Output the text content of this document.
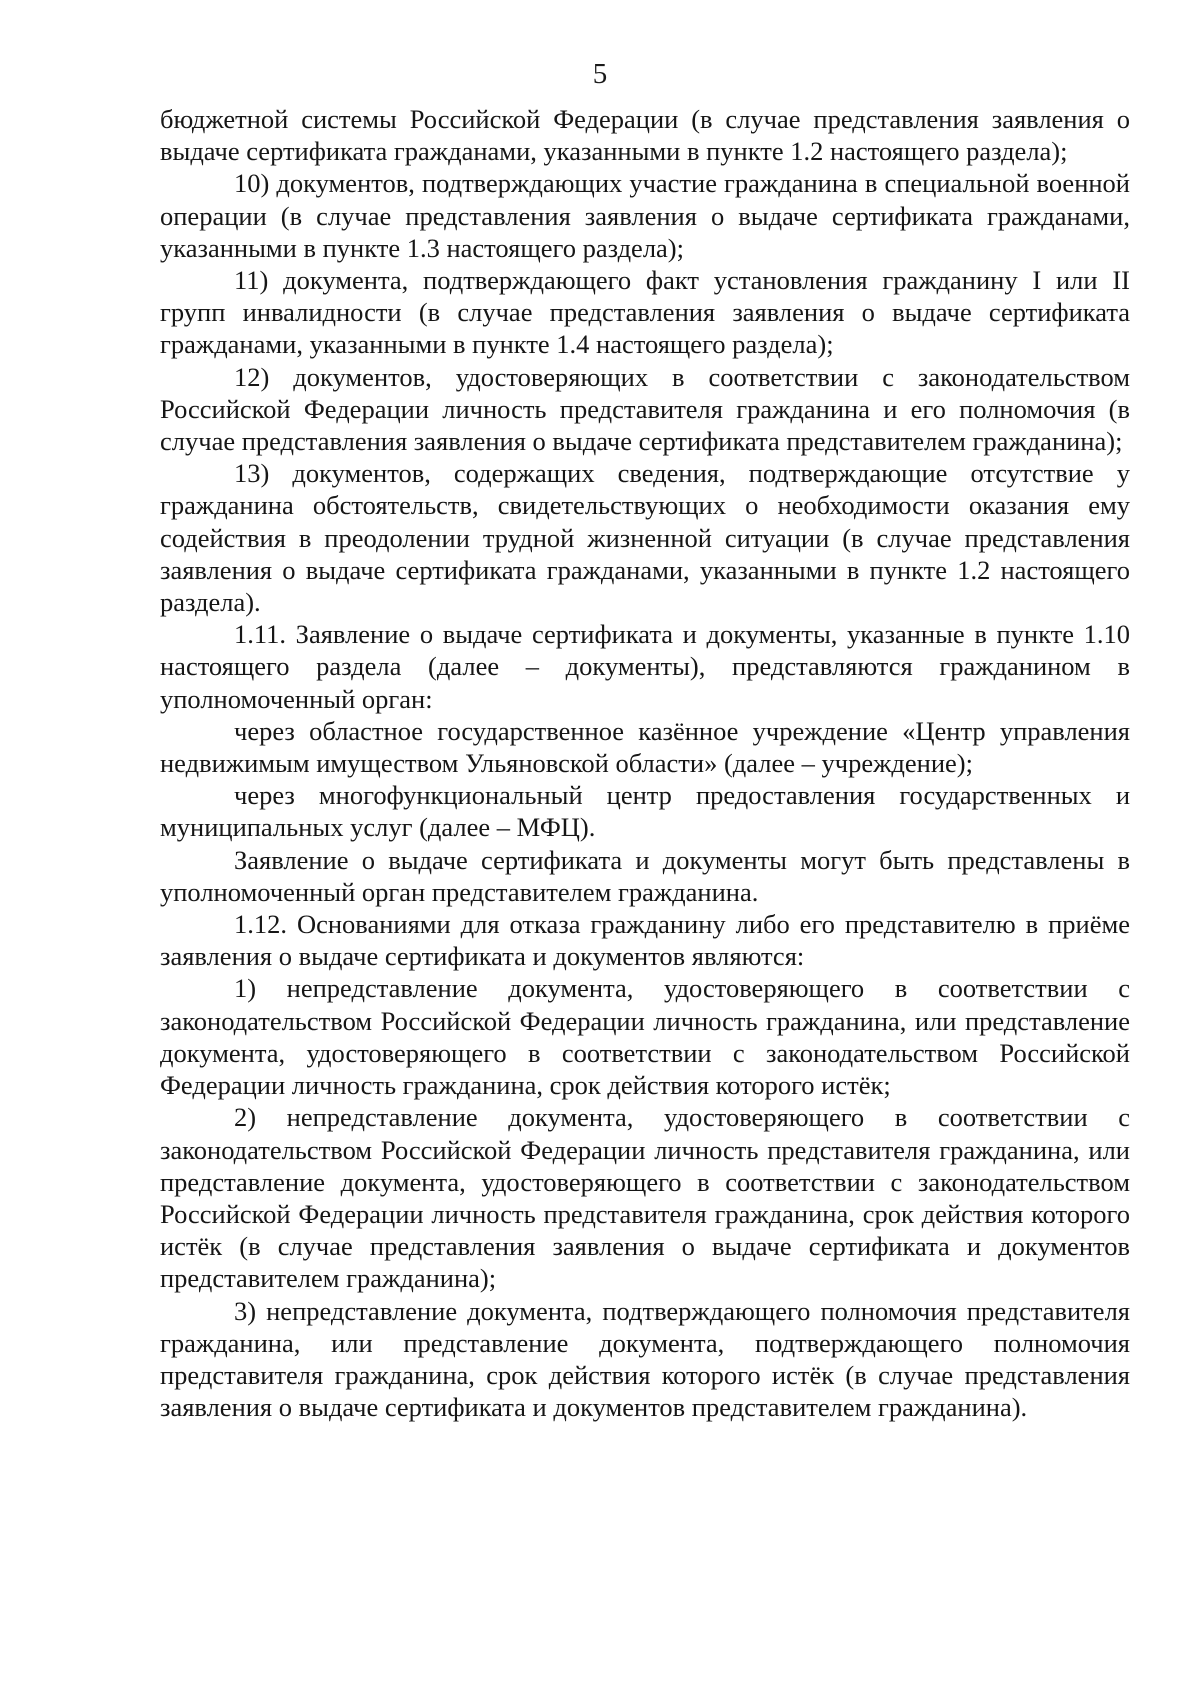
5

бюджетной системы Российской Федерации (в случае представления заявления о выдаче сертификата гражданами, указанными в пункте 1.2 настоящего раздела);

10) документов, подтверждающих участие гражданина в специальной военной операции (в случае представления заявления о выдаче сертификата гражданами, указанными в пункте 1.3 настоящего раздела);

11) документа, подтверждающего факт установления гражданину I или II групп инвалидности (в случае представления заявления о выдаче сертификата гражданами, указанными в пункте 1.4 настоящего раздела);

12) документов, удостоверяющих в соответствии с законодательством Российской Федерации личность представителя гражданина и его полномочия (в случае представления заявления о выдаче сертификата представителем гражданина);

13) документов, содержащих сведения, подтверждающие отсутствие у гражданина обстоятельств, свидетельствующих о необходимости оказания ему содействия в преодолении трудной жизненной ситуации (в случае представления заявления о выдаче сертификата гражданами, указанными в пункте 1.2 настоящего раздела).

1.11. Заявление о выдаче сертификата и документы, указанные в пункте 1.10 настоящего раздела (далее – документы), представляются гражданином в уполномоченный орган:

через областное государственное казённое учреждение «Центр управления недвижимым имуществом Ульяновской области» (далее – учреждение);

через многофункциональный центр предоставления государственных и муниципальных услуг (далее – МФЦ).

Заявление о выдаче сертификата и документы могут быть представлены в уполномоченный орган представителем гражданина.

1.12. Основаниями для отказа гражданину либо его представителю в приёме заявления о выдаче сертификата и документов являются:

1) непредставление документа, удостоверяющего в соответствии с законодательством Российской Федерации личность гражданина, или представление документа, удостоверяющего в соответствии с законодательством Российской Федерации личность гражданина, срок действия которого истёк;

2) непредставление документа, удостоверяющего в соответствии с законодательством Российской Федерации личность представителя гражданина, или представление документа, удостоверяющего в соответствии с законодательством Российской Федерации личность представителя гражданина, срок действия которого истёк (в случае представления заявления о выдаче сертификата и документов представителем гражданина);

3) непредставление документа, подтверждающего полномочия представителя гражданина, или представление документа, подтверждающего полномочия представителя гражданина, срок действия которого истёк (в случае представления заявления о выдаче сертификата и документов представителем гражданина).
